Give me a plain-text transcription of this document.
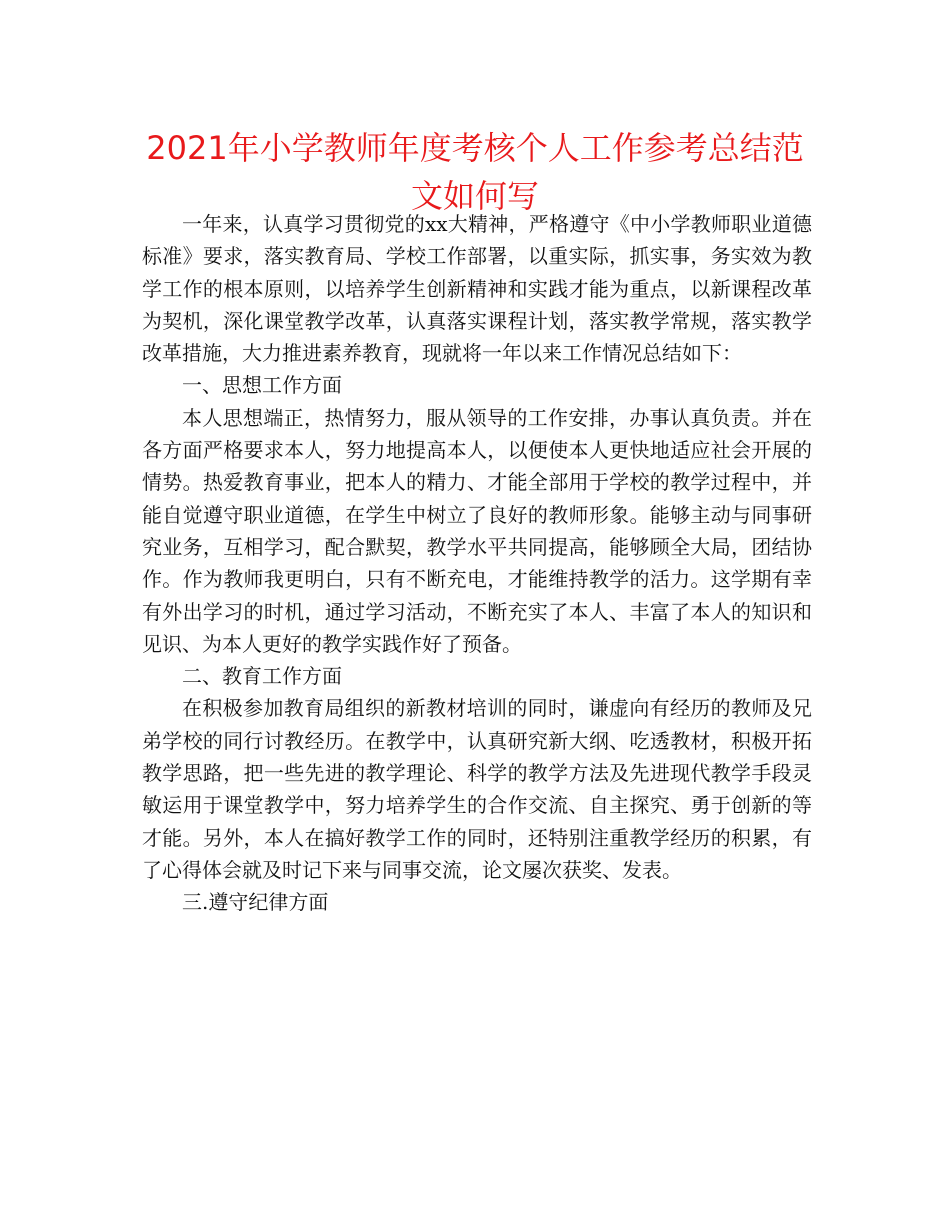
2021年小学教师年度考核个人工作参考总结范文如何写

一年来，认真学习贯彻党的xx大精神，严格遵守《中小学教师职业道德标准》要求，落实教育局、学校工作部署，以重实际，抓实事，务实效为教学工作的根本原则，以培养学生创新精神和实践才能为重点，以新课程改革为契机，深化课堂教学改革，认真落实课程计划，落实教学常规，落实教学改革措施，大力推进素养教育，现就将一年以来工作情况总结如下：

一、思想工作方面

本人思想端正，热情努力，服从领导的工作安排，办事认真负责。并在各方面严格要求本人，努力地提高本人，以便使本人更快地适应社会开展的情势。热爱教育事业，把本人的精力、才能全部用于学校的教学过程中，并能自觉遵守职业道德，在学生中树立了良好的教师形象。能够主动与同事研究业务，互相学习，配合默契，教学水平共同提高，能够顾全大局，团结协作。作为教师我更明白，只有不断充电，才能维持教学的活力。这学期有幸有外出学习的时机，通过学习活动，不断充实了本人、丰富了本人的知识和见识、为本人更好的教学实践作好了预备。

二、教育工作方面

在积极参加教育局组织的新教材培训的同时，谦虚向有经历的教师及兄弟学校的同行讨教经历。在教学中，认真研究新大纲、吃透教材，积极开拓教学思路，把一些先进的教学理论、科学的教学方法及先进现代教学手段灵敏运用于课堂教学中，努力培养学生的合作交流、自主探究、勇于创新的等才能。另外，本人在搞好教学工作的同时，还特别注重教学经历的积累，有了心得体会就及时记下来与同事交流，论文屡次获奖、发表。

三.遵守纪律方面
